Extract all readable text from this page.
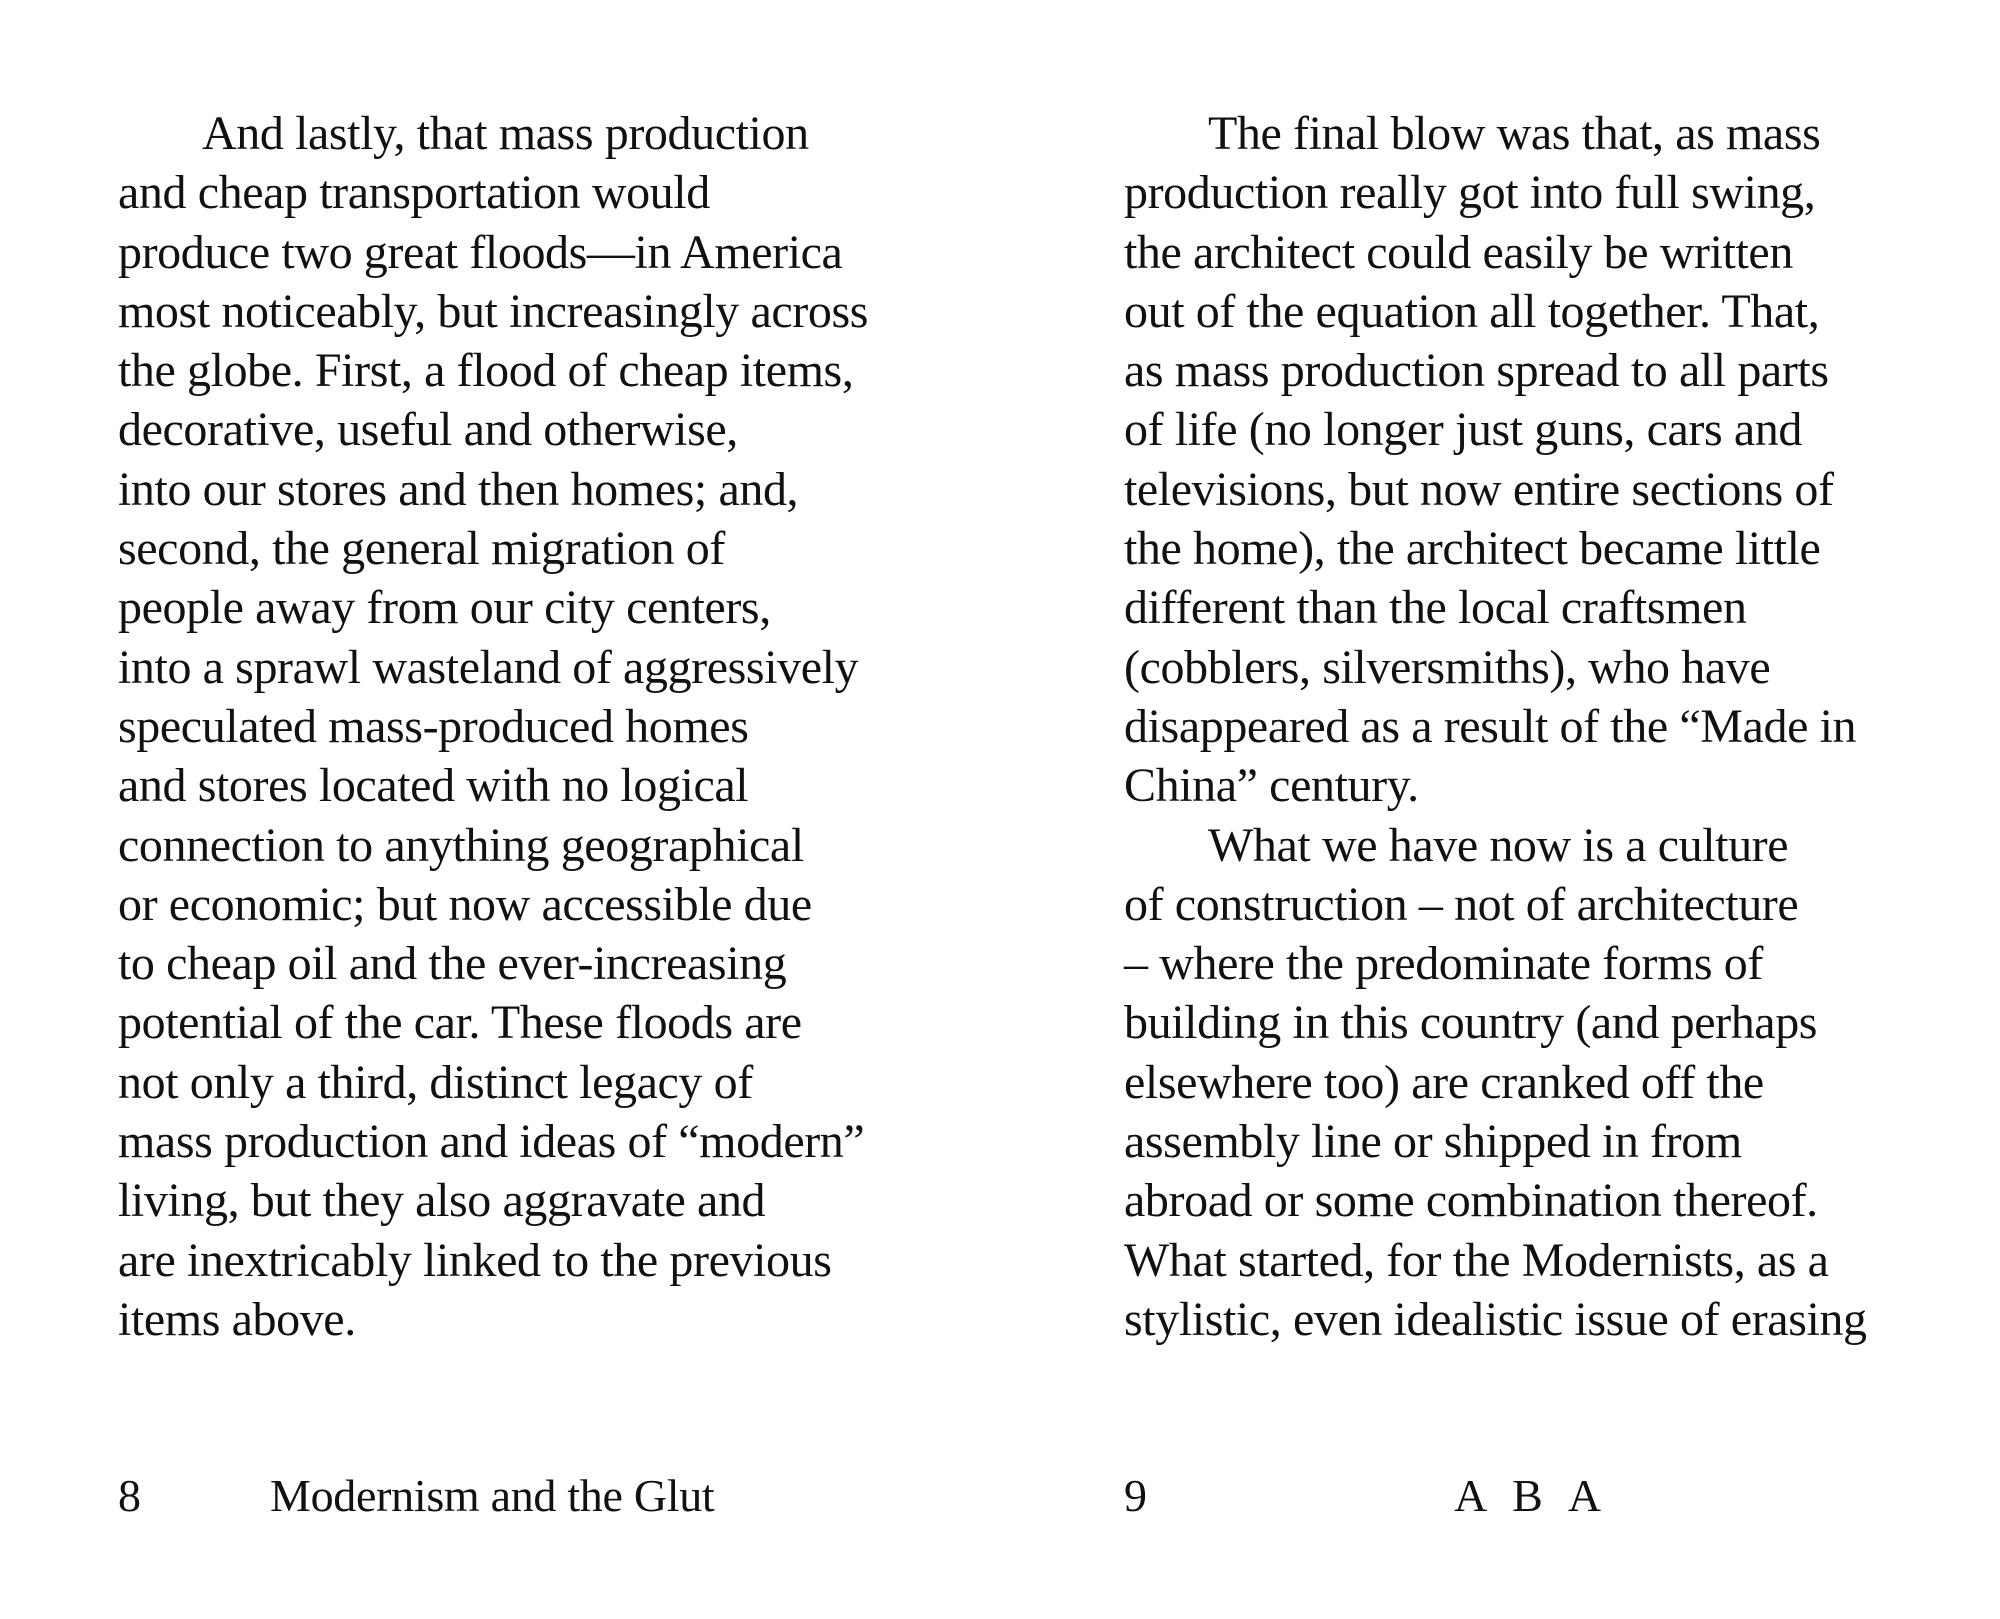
And lastly, that mass production
and cheap transportation would
produce two great floods—in America
most noticeably, but increasingly across
the globe. First, a flood of cheap items,
decorative, useful and otherwise,
into our stores and then homes; and,
second, the general migration of
people away from our city centers,
into a sprawl wasteland of aggressively
speculated mass-produced homes
and stores located with no logical
connection to anything geographical
or economic; but now accessible due
to cheap oil and the ever-increasing
potential of the car. These floods are
not only a third, distinct legacy of
mass production and ideas of “modern”
living, but they also aggravate and
are inextricably linked to the previous
items above.
8	Modernism and the Glut
The final blow was that, as mass
production really got into full swing,
the architect could easily be written
out of the equation all together. That,
as mass production spread to all parts
of life (no longer just guns, cars and
televisions, but now entire sections of
the home), the architect became little
different than the local craftsmen
(cobblers, silversmiths), who have
disappeared as a result of the “Made in
China” century.
What we have now is a culture
of construction – not of architecture
– where the predominate forms of
building in this country (and perhaps
elsewhere too) are cranked off the
assembly line or shipped in from
abroad or some combination thereof.
What started, for the Modernists, as a
stylistic, even idealistic issue of erasing
9	A B A
